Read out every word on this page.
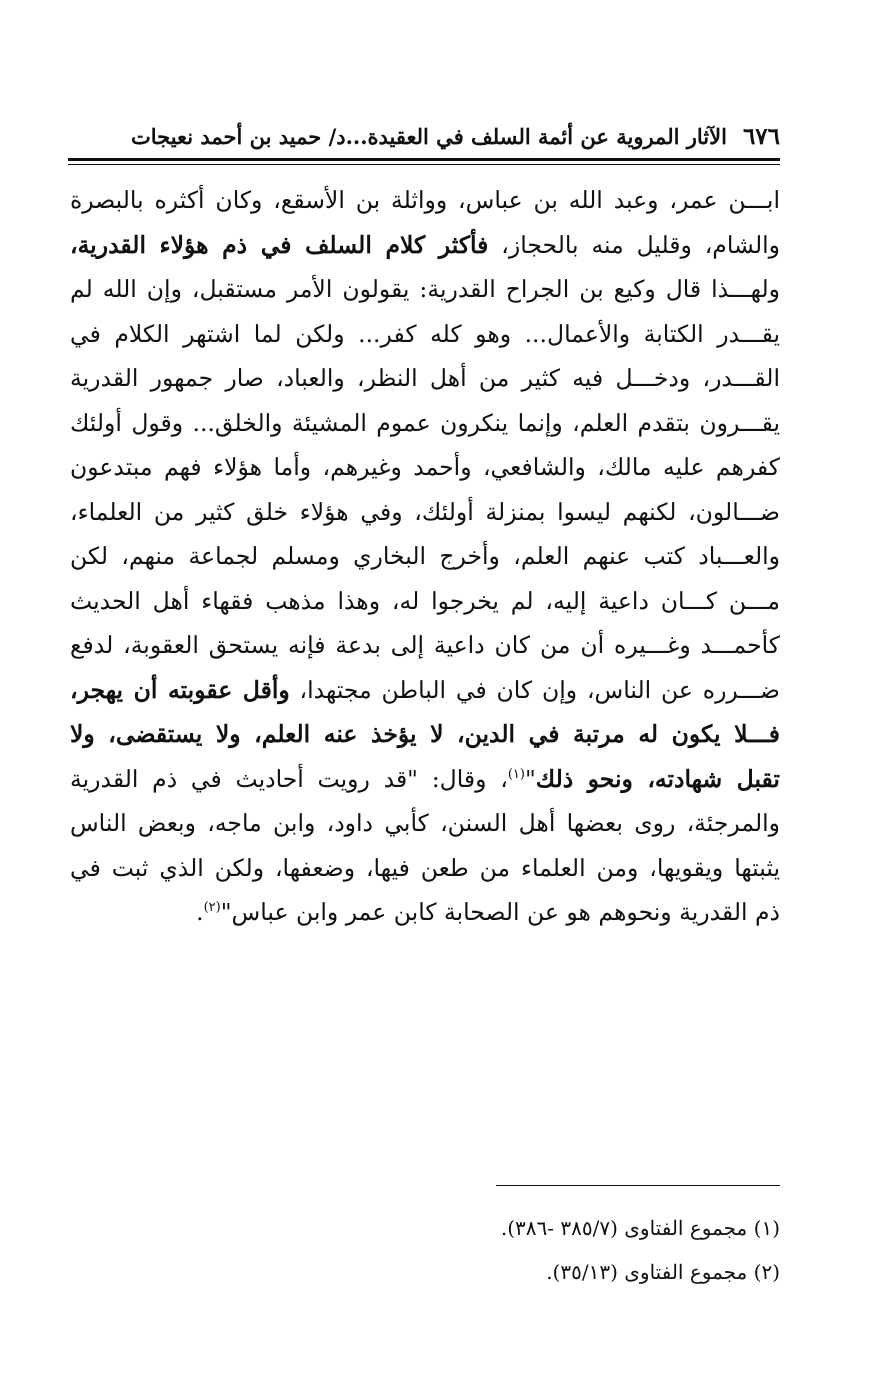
٦٧٦
الآثار المروية عن أئمة السلف في العقيدة...د/ حميد بن أحمد نعيجات
ابـــن عمر، وعبد الله بن عباس، وواثلة بن الأسقع، وكان أكثره بالبصرة
والشام، وقليل منه بالحجاز، فأكثر كلام السلف في ذم هؤلاء القدرية،
ولهـــذا قال وكيع بن الجراح القدرية: يقولون الأمر مستقبل، وإن الله لم
يقـــدر الكتابة والأعمال... وهو كله كفر... ولكن لما اشتهر الكلام في
القـــدر، ودخـــل فيه كثير من أهل النظر، والعباد، صار جمهور القدرية
يقـــرون بتقدم العلم، وإنما ينكرون عموم المشيئة والخلق... وقول أولئك
كفرهم عليه مالك، والشافعي، وأحمد وغيرهم، وأما هؤلاء فهم مبتدعون
ضـــالون، لكنهم ليسوا بمنزلة أولئك، وفي هؤلاء خلق كثير من العلماء،
والعـــباد كتب عنهم العلم، وأخرج البخاري ومسلم لجماعة منهم، لكن
مـــن كـــان داعية إليه، لم يخرجوا له، وهذا مذهب فقهاء أهل الحديث
كأحمـــد وغـــيره أن من كان داعية إلى بدعة فإنه يستحق العقوبة، لدفع
ضـــرره عن الناس، وإن كان في الباطن مجتهدا، وأقل عقوبته أن يهجر،
فـــلا يكون له مرتبة في الدين، لا يؤخذ عنه العلم، ولا يستقضى، ولا
تقبل شهادته، ونحو ذلك"$^{(١)}$، وقال: "قد رويت أحاديث في ذم القدرية
والمرجئة، روى بعضها أهل السنن، كأبي داود، وابن ماجه، وبعض الناس
يثبتها ويقويها، ومن العلماء من طعن فيها، وضعفها، ولكن الذي ثبت في
ذم القدرية ونحوهم هو عن الصحابة كابن عمر وابن عباس"$^{(٢)}$.
(١) مجموع الفتاوى (٣٨٥/٧ -٣٨٦).
(٢) مجموع الفتاوى (٣٥/١٣).
